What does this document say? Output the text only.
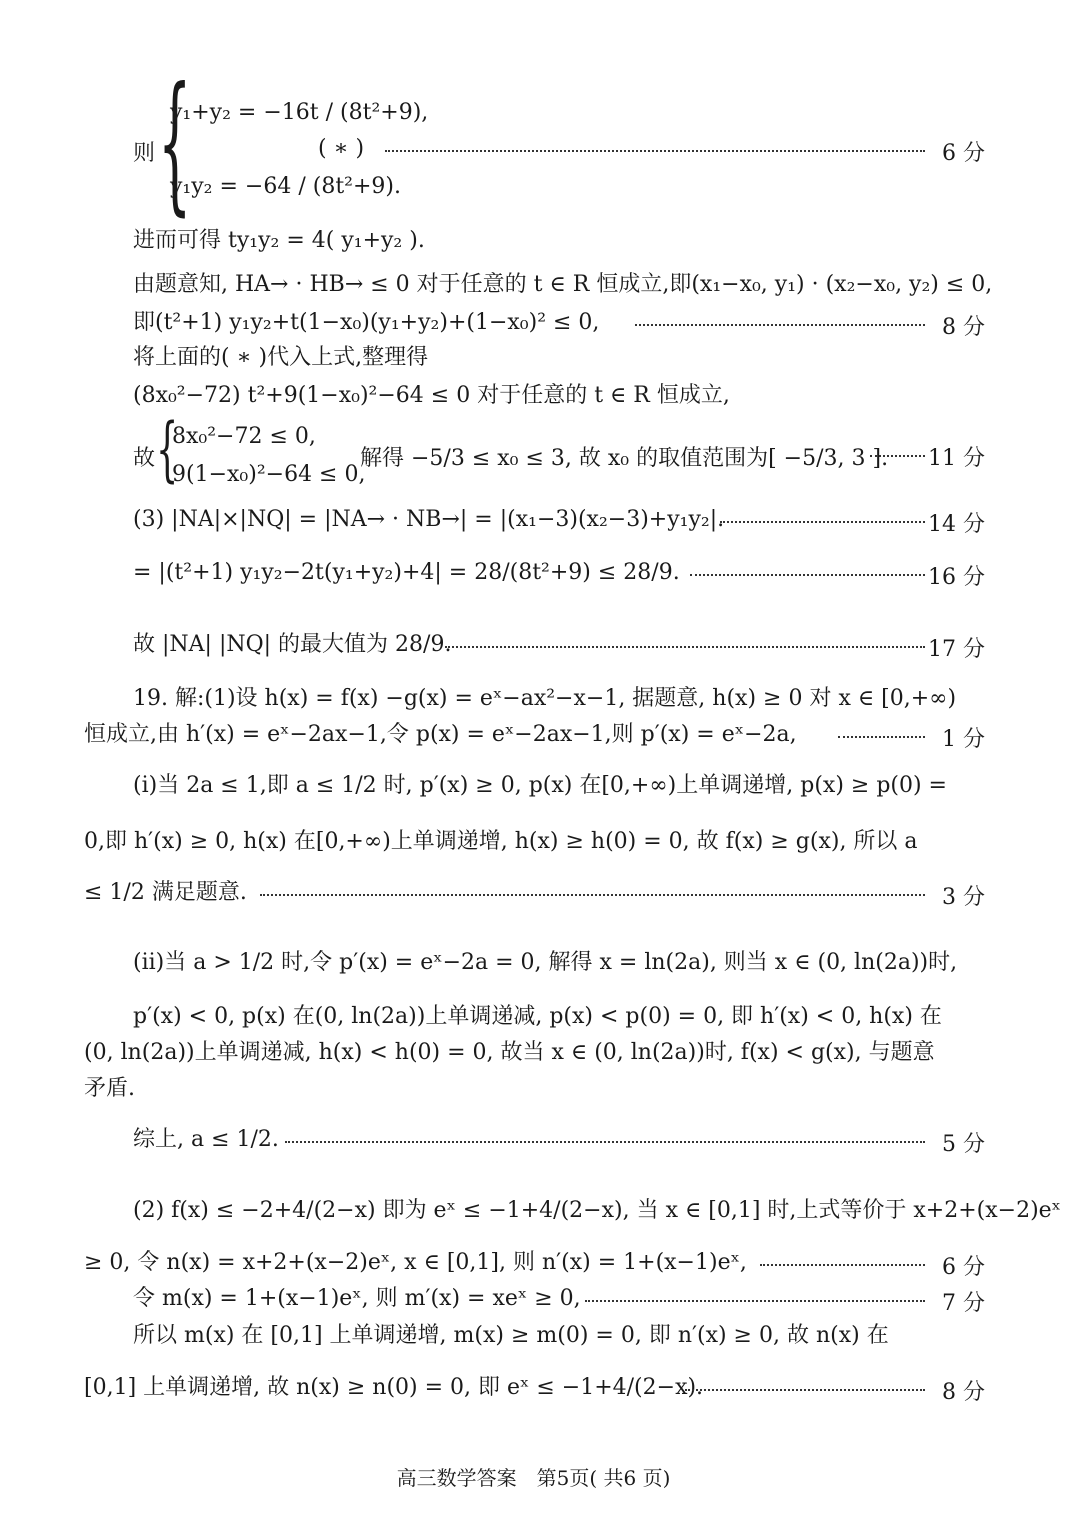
则 {
y₁+y₂ = −16t / (8t²+9),
( ∗ )	6 分
y₁y₂ = −64 / (8t²+9).
进而可得 ty₁y₂ = 4( y₁+y₂ ).
由题意知, HA→ · HB→ ≤ 0 对于任意的 t ∈ R 恒成立,即(x₁−x₀, y₁) · (x₂−x₀, y₂) ≤ 0,
即(t²+1) y₁y₂+t(1−x₀)(y₁+y₂)+(1−x₀)² ≤ 0,	8 分
将上面的( ∗ )代入上式,整理得
(8x₀²−72) t²+9(1−x₀)²−64 ≤ 0 对于任意的 t ∈ R 恒成立,
故 {
8x₀²−72 ≤ 0,
9(1−x₀)²−64 ≤ 0,
解得 −5/3 ≤ x₀ ≤ 3, 故 x₀ 的取值范围为[ −5/3, 3 ]. 11 分
(3) |NA|×|NQ| = |NA→ · NB→| = |(x₁−3)(x₂−3)+y₁y₂|.	14 分
= |(t²+1) y₁y₂−2t(y₁+y₂)+4| = 28/(8t²+9) ≤ 28/9.	16 分
故 |NA| |NQ| 的最大值为 28/9.	17 分
19. 解:(1)设 h(x) = f(x) −g(x) = eˣ−ax²−x−1, 据题意, h(x) ≥ 0 对 x ∈ [0,+∞)
恒成立,由 h′(x) = eˣ−2ax−1,令 p(x) = eˣ−2ax−1,则 p′(x) = eˣ−2a,	1 分
(i)当 2a ≤ 1,即 a ≤ 1/2 时, p′(x) ≥ 0, p(x) 在[0,+∞)上单调递增, p(x) ≥ p(0) =
0,即 h′(x) ≥ 0, h(x) 在[0,+∞)上单调递增, h(x) ≥ h(0) = 0, 故 f(x) ≥ g(x), 所以 a
≤ 1/2 满足题意.	3 分
(ii)当 a > 1/2 时,令 p′(x) = eˣ−2a = 0, 解得 x = ln(2a), 则当 x ∈ (0, ln(2a))时,
p′(x) < 0, p(x) 在(0, ln(2a))上单调递减, p(x) < p(0) = 0, 即 h′(x) < 0, h(x) 在
(0, ln(2a))上单调递减, h(x) < h(0) = 0, 故当 x ∈ (0, ln(2a))时, f(x) < g(x), 与题意
矛盾.
综上, a ≤ 1/2.	5 分
(2) f(x) ≤ −2+4/(2−x) 即为 eˣ ≤ −1+4/(2−x), 当 x ∈ [0,1] 时,上式等价于 x+2+(x−2)eˣ
≥ 0, 令 n(x) = x+2+(x−2)eˣ, x ∈ [0,1], 则 n′(x) = 1+(x−1)eˣ,	6 分
令 m(x) = 1+(x−1)eˣ, 则 m′(x) = xeˣ ≥ 0,	7 分
所以 m(x) 在 [0,1] 上单调递增, m(x) ≥ m(0) = 0, 即 n′(x) ≥ 0, 故 n(x) 在
[0,1] 上单调递增, 故 n(x) ≥ n(0) = 0, 即 eˣ ≤ −1+4/(2−x).	8 分
高三数学答案　第5页( 共6 页)
